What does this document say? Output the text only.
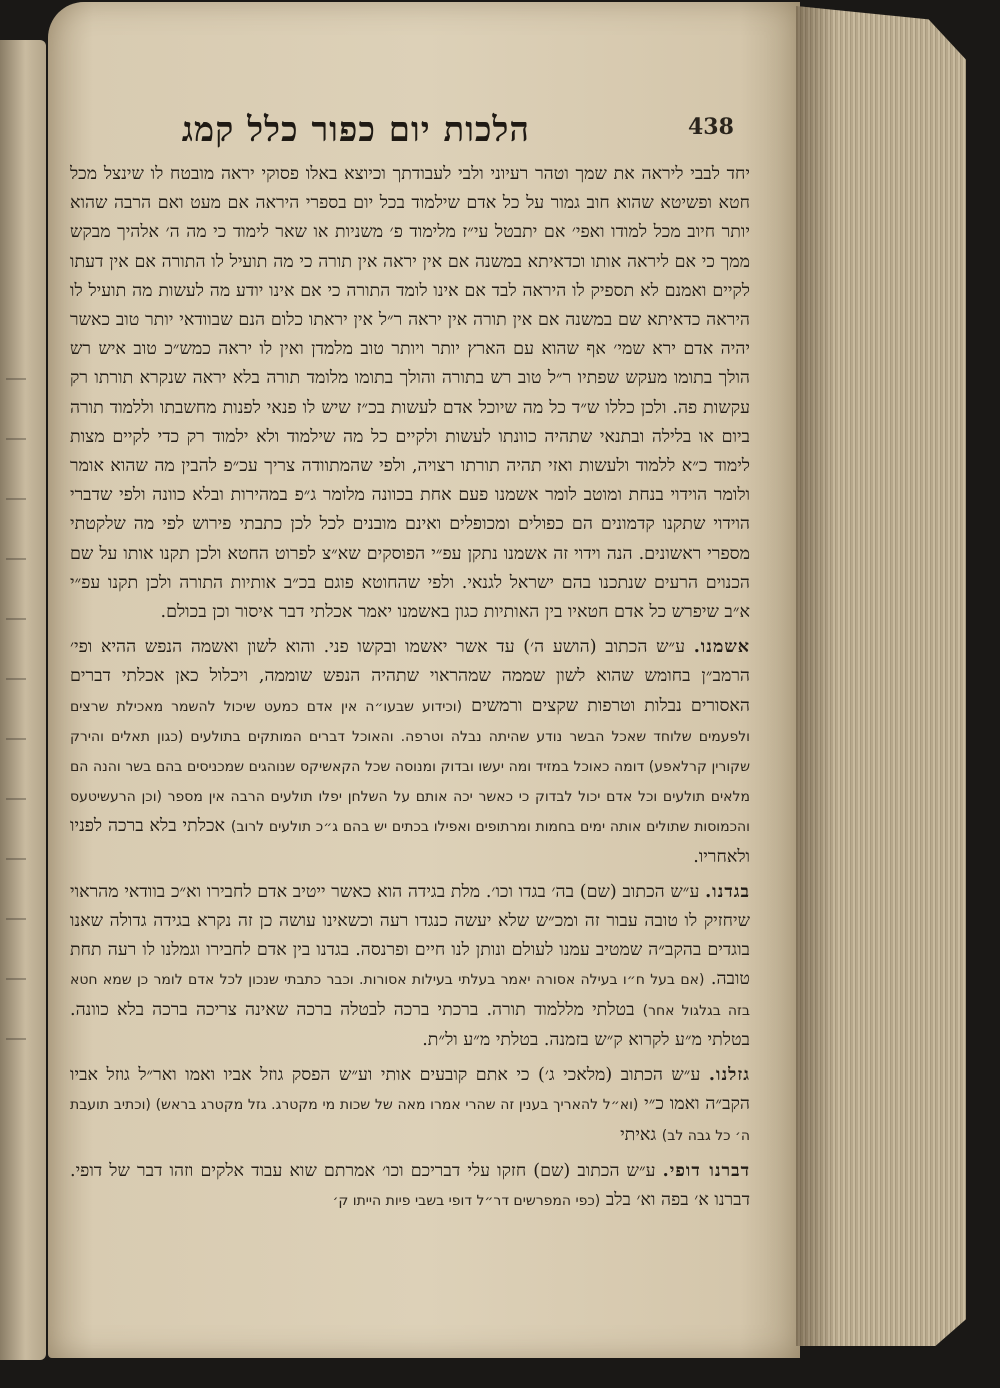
הלכות יום כפור כלל קמג	438

יחד לבבי ליראה את שמך וטהר רעיוני ולבי לעבודתך וכיוצא באלו פסוקי יראה מובטח לו שינצל מכל חטא ופשיטא שהוא חוב גמור על כל אדם שילמוד בכל יום בספרי היראה אם מעט ואם הרבה שהוא יותר חיוב מכל למודו ואפי׳ אם יתבטל עי״ז מלימוד פ׳ משניות או שאר לימוד כי מה ה׳ אלהיך מבקש ממך כי אם ליראה אותו וכדאיתא במשנה אם אין יראה אין תורה כי מה תועיל לו התורה אם אין דעתו לקיים ואמנם לא תספיק לו היראה לבד אם אינו לומד התורה כי אם אינו יודע מה לעשות מה תועיל לו היראה כדאיתא שם במשנה אם אין תורה אין יראה ר״ל אין יראתו כלום הנם שבוודאי יותר טוב כאשר יהיה אדם ירא שמי׳ אף שהוא עם הארץ יותר ויותר טוב מלמדן ואין לו יראה כמש״כ טוב איש רש הולך בתומו מעקש שפתיו ר״ל טוב רש בתורה והולך בתומו מלומד תורה בלא יראה שנקרא תורתו רק עקשות פה. ולכן כללו ש״ד כל מה שיוכל אדם לעשות בכ״ז שיש לו פנאי לפנות מחשבתו וללמוד תורה ביום או בלילה ובתנאי שתהיה כוונתו לעשות ולקיים כל מה שילמוד ולא ילמוד רק כדי לקיים מצות לימוד כ״א ללמוד ולעשות ואזי תהיה תורתו רצויה, ולפי שהמתוודה צריך עכ״פ להבין מה שהוא אומר ולומר הוידוי בנחת ומוטב לומר אשמנו פעם אחת בכוונה מלומר ג״פ במהירות ובלא כוונה ולפי שדברי הוידוי שתקנו קדמונים הם כפולים ומכופלים ואינם מובנים לכל לכן כתבתי פירוש לפי מה שלקטתי מספרי ראשונים. הנה וידוי זה אשמנו נתקן עפ״י הפוסקים שא״צ לפרוט החטא ולכן תקנו אותו על שם הכנוים הרעים שנתכנו בהם ישראל לגנאי. ולפי שהחוטא פוגם בכ״ב אותיות התורה ולכן תקנו עפ״י א״ב שיפרש כל אדם חטאיו בין האותיות כגון באשמנו יאמר אכלתי דבר איסור וכן בכולם.

אשמנו. ע״ש הכתוב (הושע ה׳) עד אשר יאשמו ובקשו פני. והוא לשון ואשמה הנפש ההיא ופי׳ הרמב״ן בחומש שהוא לשון שממה שמהראוי שתהיה הנפש שוממה, ויכלול כאן אכלתי דברים האסורים נבלות וטרפות שקצים ורמשים (וכידוע שבעו״ה אין אדם כמעט שיכול להשמר מאכילת שרצים ולפעמים שלוחד שאכל הבשר נודע שהיתה נבלה וטרפה. והאוכל דברים המותקים בתולעים (כגון תאלים והירק שקורין קרלאפע) דומה כאוכל במזיד ומה יעשו ובדוק ומנוסה שכל הקאשיקס שנוהגים שמכניסים בהם בשר והנה הם מלאים תולעים וכל אדם יכול לבדוק כי כאשר יכה אותם על השלחן יפלו תולעים הרבה אין מספר (וכן הרעשיטעס והכמוסות שתולים אותה ימים בחמות ומרתופים ואפילו בכתים יש בהם ג״כ תולעים לרוב) אכלתי בלא ברכה לפניו ולאחריו.

בגדנו. ע״ש הכתוב (שם) בה׳ בגדו וכו׳. מלת בגידה הוא כאשר ייטיב אדם לחבירו וא״כ בוודאי מהראוי שיחזיק לו טובה עבור זה ומכ״ש שלא יעשה כנגדו רעה וכשאינו עושה כן זה נקרא בגידה גדולה שאנו בוגדים בהקב״ה שמטיב עמנו לעולם ונותן לנו חיים ופרנסה. בגדנו בין אדם לחבירו וגמלנו לו רעה תחת טובה. (אם בעל ח״ו בעילה אסורה יאמר בעלתי בעילות אסורות. וכבר כתבתי שנכון לכל אדם לומר כן שמא חטא בזה בגלגול אחר) בטלתי מללמוד תורה. ברכתי ברכה לבטלה ברכה שאינה צריכה ברכה בלא כוונה. בטלתי מ״ע לקרוא ק״ש בזמנה. בטלתי מ״ע ול״ת.

גזלנו. ע״ש הכתוב (מלאכי ג׳) כי אתם קובעים אותי וע״ש הפסק גוזל אביו ואמו ואר״ל גוזל אביו הקב״ה ואמו כ״י (וא״ל להאריך בענין זה שהרי אמרו מאה של שכות מי מקטרג. גזל מקטרג בראש) (וכתיב תועבת ה׳ כל גבה לב) גאיתי

דברנו דופי. ע״ש הכתוב (שם) חזקו עלי דבריכם וכו׳ אמרתם שוא עבוד אלקים וזהו דבר של דופי. דברנו א׳ בפה וא׳ בלב (כפי המפרשים דר״ל דופי בשבי פיות הייתו ק׳
